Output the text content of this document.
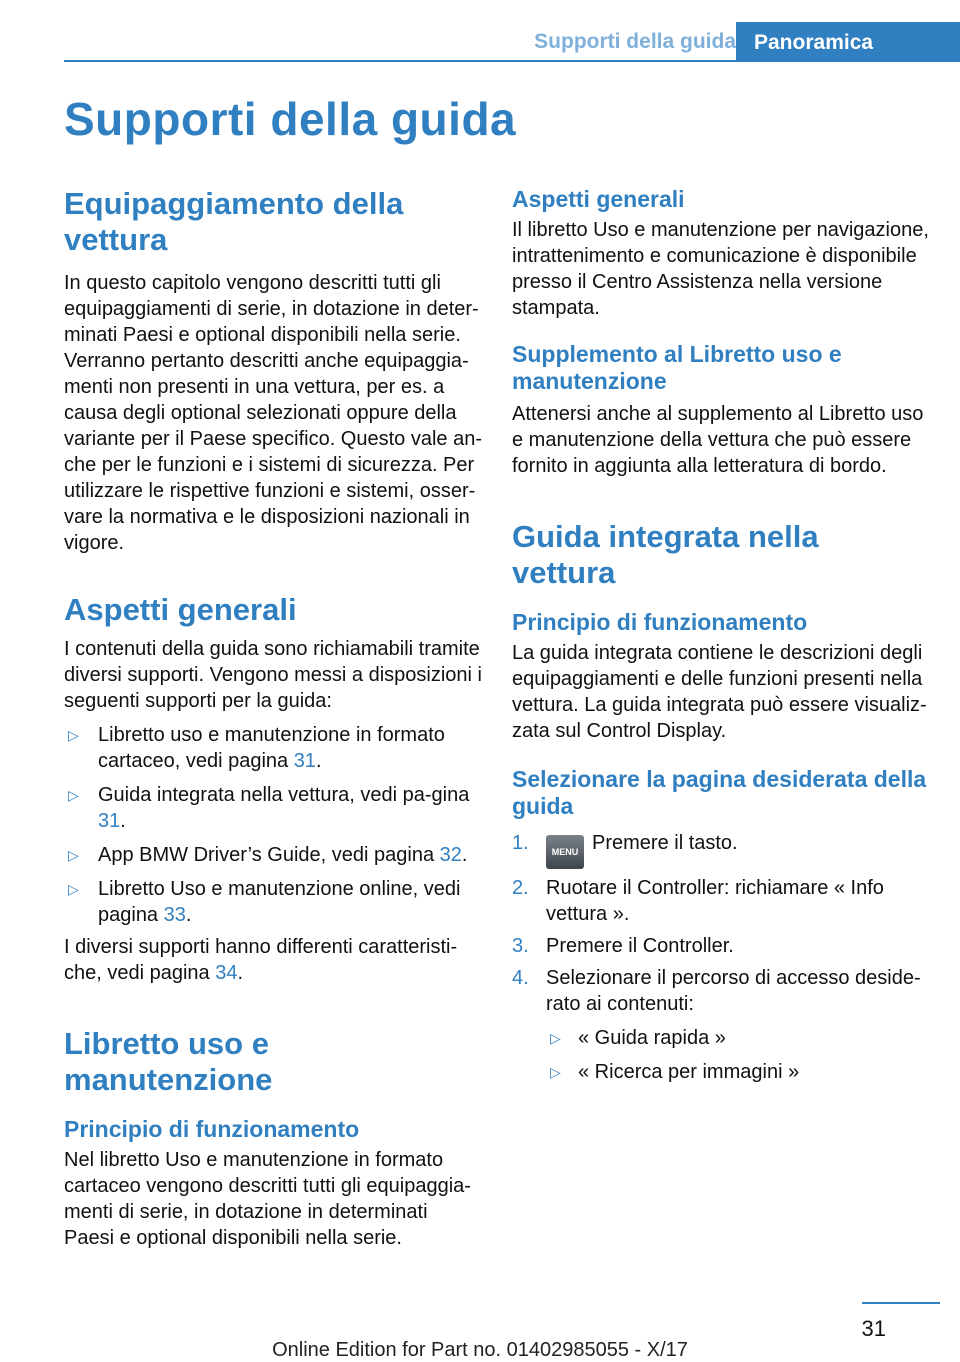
Supporti della guida Panoramica
Supporti della guida

Equipaggiamento della vettura

In questo capitolo vengono descritti tutti gli equipaggiamenti di serie, in dotazione in deter-minati Paesi e optional disponibili nella serie. Verranno pertanto descritti anche equipaggia-menti non presenti in una vettura, per es. a causa degli optional selezionati oppure della variante per il Paese specifico. Questo vale an-che per le funzioni e i sistemi di sicurezza. Per utilizzare le rispettive funzioni e sistemi, osser-vare la normativa e le disposizioni nazionali in vigore.

Aspetti generali

I contenuti della guida sono richiamabili tramite diversi supporti. Vengono messi a disposizioni i seguenti supporti per la guida:

▷ Libretto uso e manutenzione in formato cartaceo, vedi pagina 31.

▷ Guida integrata nella vettura, vedi pa-gina 31.

▷ App BMW Driver’s Guide, vedi pagina 32.

▷ Libretto Uso e manutenzione online, vedi pagina 33.

I diversi supporti hanno differenti caratteristi-che, vedi pagina 34.

Libretto uso e manutenzione

Principio di funzionamento

Nel libretto Uso e manutenzione in formato cartaceo vengono descritti tutti gli equipaggia-menti di serie, in dotazione in determinati Paesi e optional disponibili nella serie.

Aspetti generali

Il libretto Uso e manutenzione per navigazione, intrattenimento e comunicazione è disponibile presso il Centro Assistenza nella versione stampata.

Supplemento al Libretto uso e manutenzione

Attenersi anche al supplemento al Libretto uso e manutenzione della vettura che può essere fornito in aggiunta alla letteratura di bordo.

Guida integrata nella vettura

Principio di funzionamento

La guida integrata contiene le descrizioni degli equipaggiamenti e delle funzioni presenti nella vettura. La guida integrata può essere visualiz-zata sul Control Display.

Selezionare la pagina desiderata della guida

1.	MENU Premere il tasto.

2. Ruotare il Controller: richiamare « Info vettura ».

3. Premere il Controller.

4. Selezionare il percorso di accesso deside-rato ai contenuti:

▷ « Guida rapida »

▷ « Ricerca per immagini »

31
Online Edition for Part no. 01402985055 - X/17
